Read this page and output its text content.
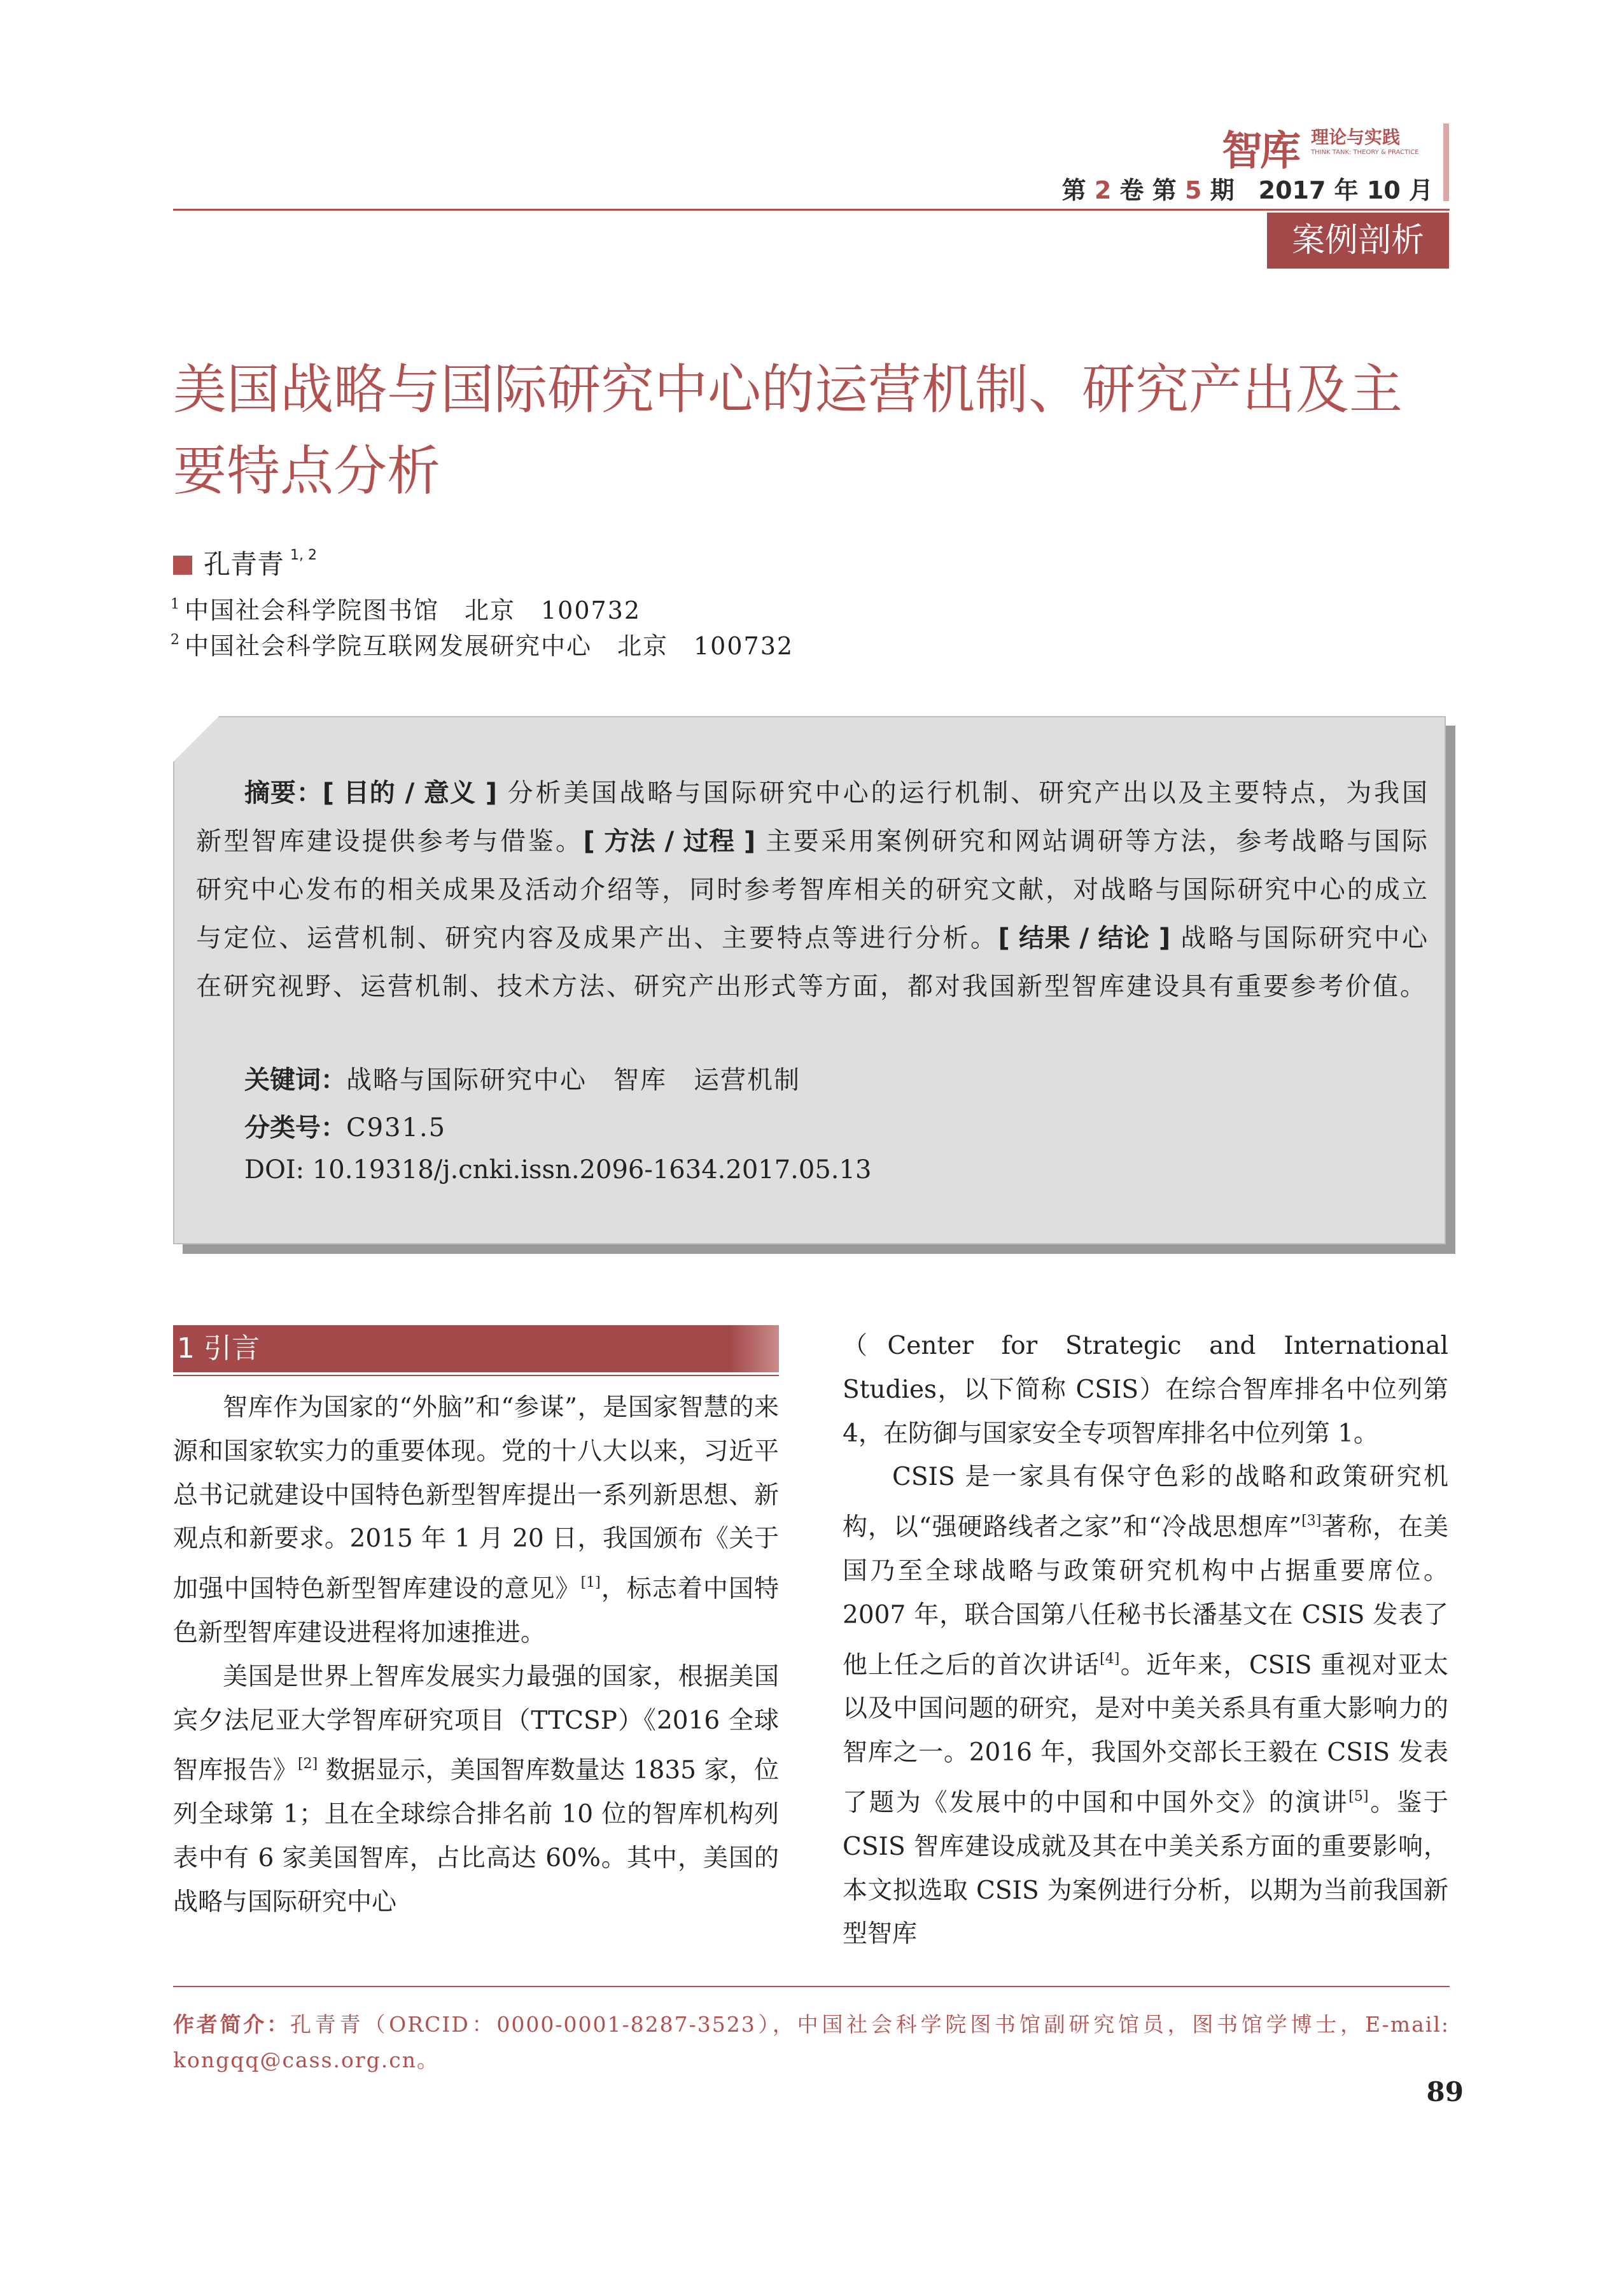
智库 理论与实践
THINK TANK: THEORY & PRACTICE
第 2 卷 第 5 期　2017 年 10 月
案例剖析
美国战略与国际研究中心的运营机制、研究产出及主要特点分析
孔青青 $^{1, 2}$
$^1$ 中国社会科学院图书馆　北京　100732
$^2$ 中国社会科学院互联网发展研究中心　北京　100732
摘要：[ 目的 / 意义 ] 分析美国战略与国际研究中心的运行机制、研究产出以及主要特点，为我国新型智库建设提供参考与借鉴。[ 方法 / 过程 ] 主要采用案例研究和网站调研等方法，参考战略与国际研究中心发布的相关成果及活动介绍等，同时参考智库相关的研究文献，对战略与国际研究中心的成立与定位、运营机制、研究内容及成果产出、主要特点等进行分析。[ 结果 / 结论 ] 战略与国际研究中心在研究视野、运营机制、技术方法、研究产出形式等方面，都对我国新型智库建设具有重要参考价值。
关键词：战略与国际研究中心　智库　运营机制
分类号：C931.5
DOI: 10.19318/j.cnki.issn.2096-1634.2017.05.13
1 引言

智库作为国家的“外脑”和“参谋”，是国家智慧的来源和国家软实力的重要体现。党的十八大以来，习近平总书记就建设中国特色新型智库提出一系列新思想、新观点和新要求。2015 年 1 月 20 日，我国颁布《关于加强中国特色新型智库建设的意见》[1]，标志着中国特色新型智库建设进程将加速推进。

美国是世界上智库发展实力最强的国家，根据美国宾夕法尼亚大学智库研究项目（TTCSP）《2016 全球智库报告》[2] 数据显示，美国智库数量达 1835 家，位列全球第 1；且在全球综合排名前 10 位的智库机构列表中有 6 家美国智库，占比高达 60%。其中，美国的战略与国际研究中心

（Center for Strategic and International Studies，以下简称 CSIS）在综合智库排名中位列第 4，在防御与国家安全专项智库排名中位列第 1。

CSIS 是一家具有保守色彩的战略和政策研究机构，以“强硬路线者之家”和“冷战思想库”[3]著称，在美国乃至全球战略与政策研究机构中占据重要席位。2007 年，联合国第八任秘书长潘基文在 CSIS 发表了他上任之后的首次讲话[4]。近年来，CSIS 重视对亚太以及中国问题的研究，是对中美关系具有重大影响力的智库之一。2016 年，我国外交部长王毅在 CSIS 发表了题为《发展中的中国和中国外交》的演讲[5]。鉴于 CSIS 智库建设成就及其在中美关系方面的重要影响，本文拟选取 CSIS 为案例进行分析，以期为当前我国新型智库

作者简介：孔青青（ORCID：0000-0001-8287-3523），中国社会科学院图书馆副研究馆员，图书馆学博士，E-mail: kongqq@cass.org.cn。
89
